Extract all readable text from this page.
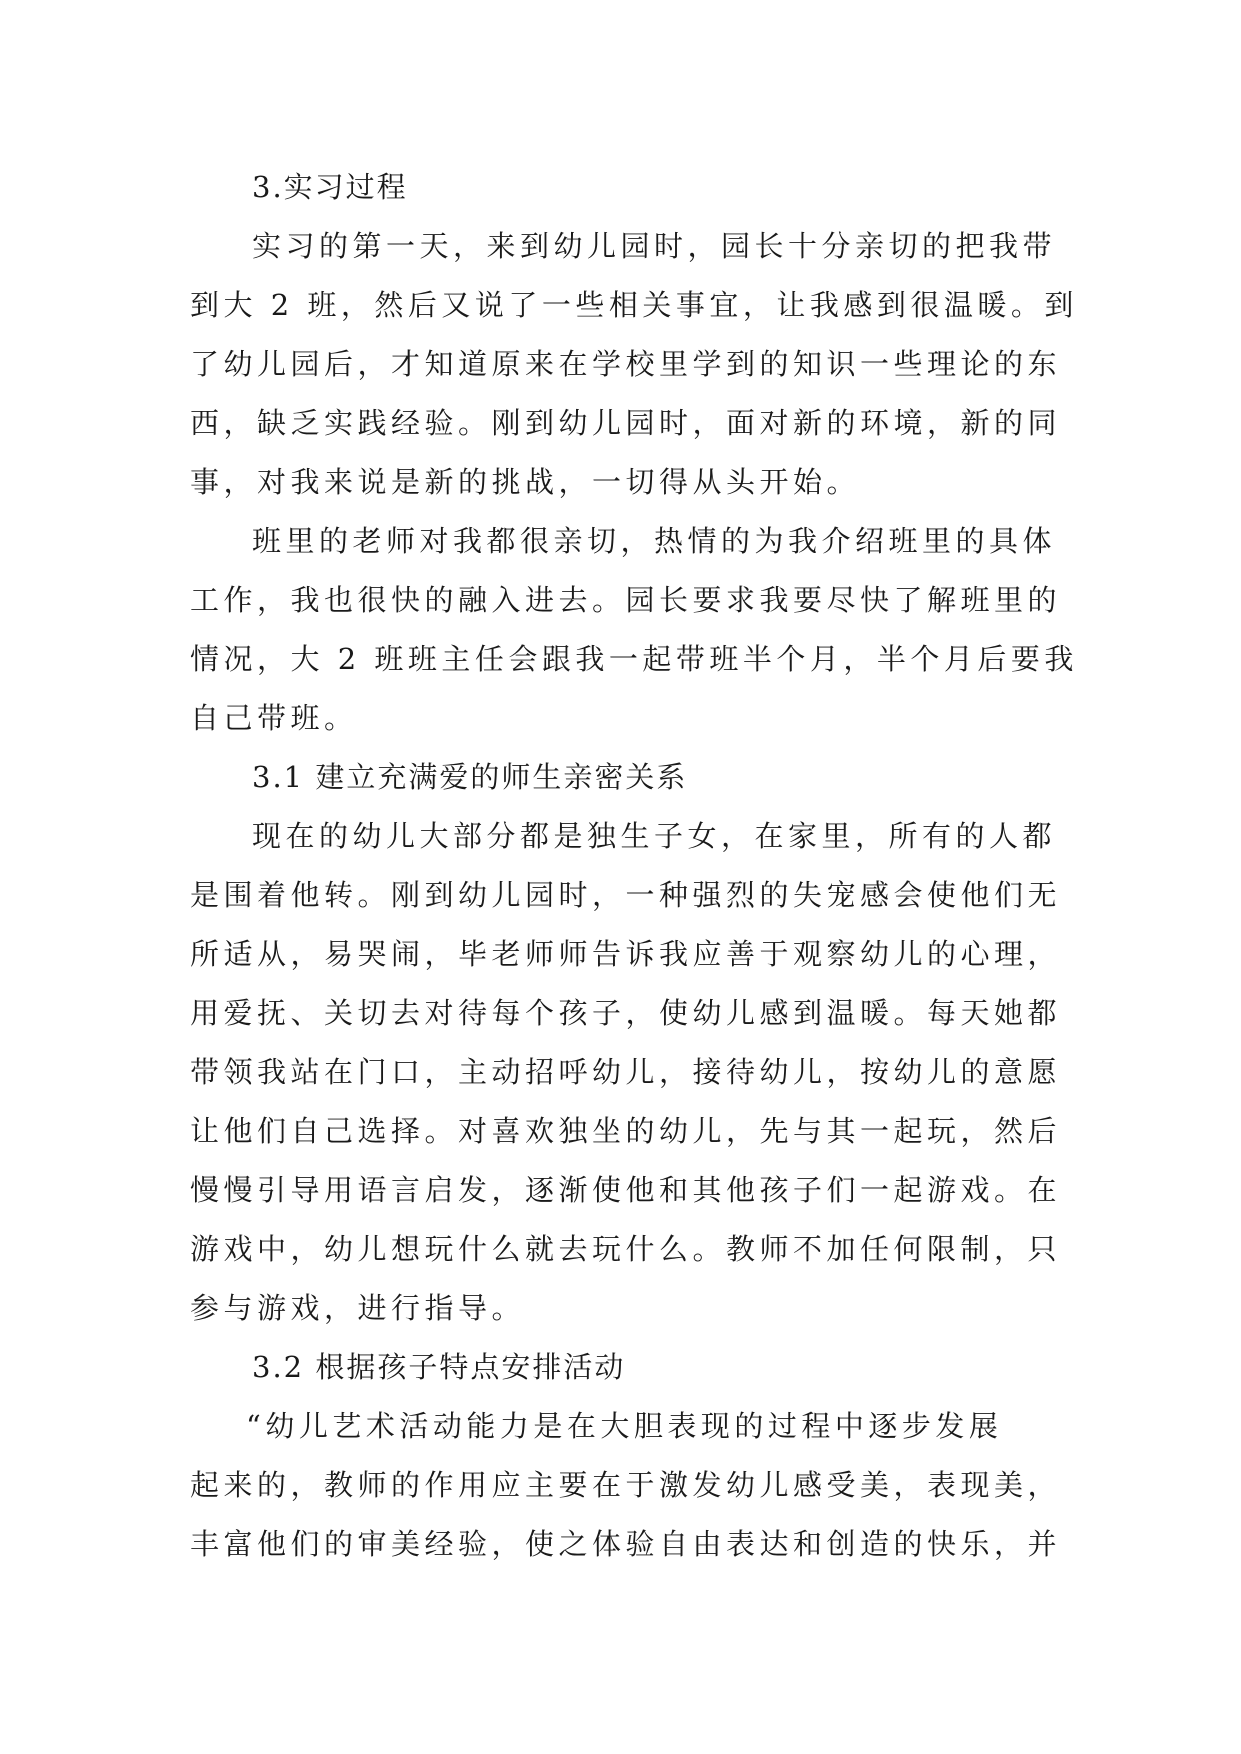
3.实习过程
实习的第一天，来到幼儿园时，园长十分亲切的把我带
到大 2 班，然后又说了一些相关事宜，让我感到很温暖。到
了幼儿园后，才知道原来在学校里学到的知识一些理论的东
西，缺乏实践经验。刚到幼儿园时，面对新的环境，新的同
事，对我来说是新的挑战，一切得从头开始。
班里的老师对我都很亲切，热情的为我介绍班里的具体
工作，我也很快的融入进去。园长要求我要尽快了解班里的
情况，大 2 班班主任会跟我一起带班半个月，半个月后要我
自己带班。
3.1 建立充满爱的师生亲密关系
现在的幼儿大部分都是独生子女，在家里，所有的人都
是围着他转。刚到幼儿园时，一种强烈的失宠感会使他们无
所适从，易哭闹，毕老师师告诉我应善于观察幼儿的心理，
用爱抚、关切去对待每个孩子，使幼儿感到温暖。每天她都
带领我站在门口，主动招呼幼儿，接待幼儿，按幼儿的意愿
让他们自己选择。对喜欢独坐的幼儿，先与其一起玩，然后
慢慢引导用语言启发，逐渐使他和其他孩子们一起游戏。在
游戏中，幼儿想玩什么就去玩什么。教师不加任何限制，只
参与游戏，进行指导。
3.2 根据孩子特点安排活动
“幼儿艺术活动能力是在大胆表现的过程中逐步发展
起来的，教师的作用应主要在于激发幼儿感受美，表现美，
丰富他们的审美经验，使之体验自由表达和创造的快乐，并
